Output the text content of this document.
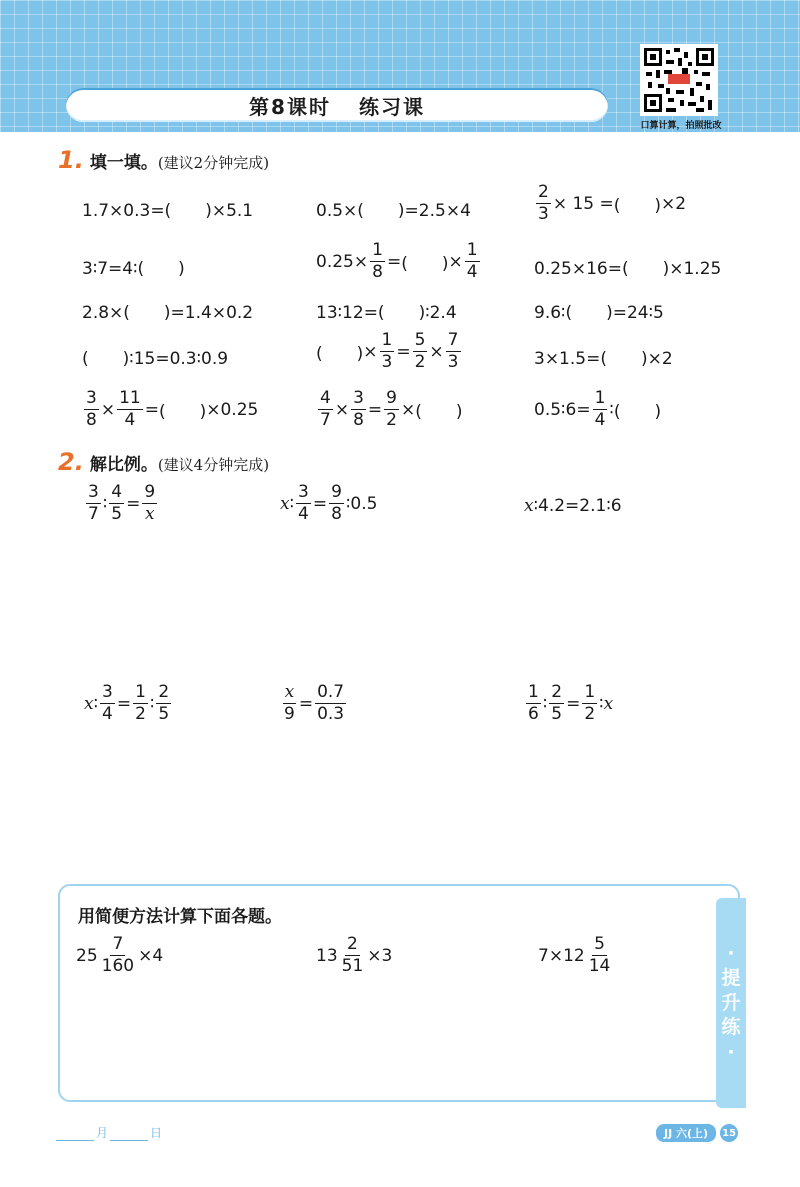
第8课时 练习课
口算计算，拍照批改
1. 填一填。 (建议2分钟完成)
1.7×0.3=(　　)×5.1	0.5×(　　)=2.5×4	$\frac{2}{3} \times 15$ = (　　) × 2
3∶7=4∶(　　)	$0.25 \times \frac{1}{8}$ = (　　) × $\frac{1}{4}$	0.25×16=(　　)×1.25
2.8×(　　)=1.4×0.2	13∶12=(　　)∶2.4	9.6∶(　　)=24∶5
(　　)∶15=0.3∶0.9	(　　) × $\frac{1}{3} = \frac{5}{2} \times \frac{7}{3}$	3×1.5=(　　)×2
$\frac{3}{8} \times \frac{11}{4}$ = (　　) × 0.25	$\frac{4}{7} \times \frac{3}{8} = \frac{9}{2}$ × (　　)	0.5 ∶ $6 = \frac{1}{4}$ ∶ (　　)
2. 解比例。 (建议4分钟完成)
$\frac{3}{7}$ ∶ $\frac{4}{5} = \frac{9}{x}$	x ∶ $\frac{3}{4} = \frac{9}{8}$ ∶ 0.5	x ∶4.2=2.1∶6
x ∶ $\frac{3}{4} = \frac{1}{2}$ ∶ $\frac{2}{5}$	$\frac{x}{9} = \frac{0.7}{0.3}$	$\frac{1}{6}$ ∶ $\frac{2}{5} = \frac{1}{2}$ ∶ x
用简便方法计算下面各题。
$25 \frac{7}{160} \times 4$	$13 \frac{2}{51} \times 3$	$7 \times 12 \frac{5}{14}$	·
提
升
练
·
月	日	JJ 六(上)	15
